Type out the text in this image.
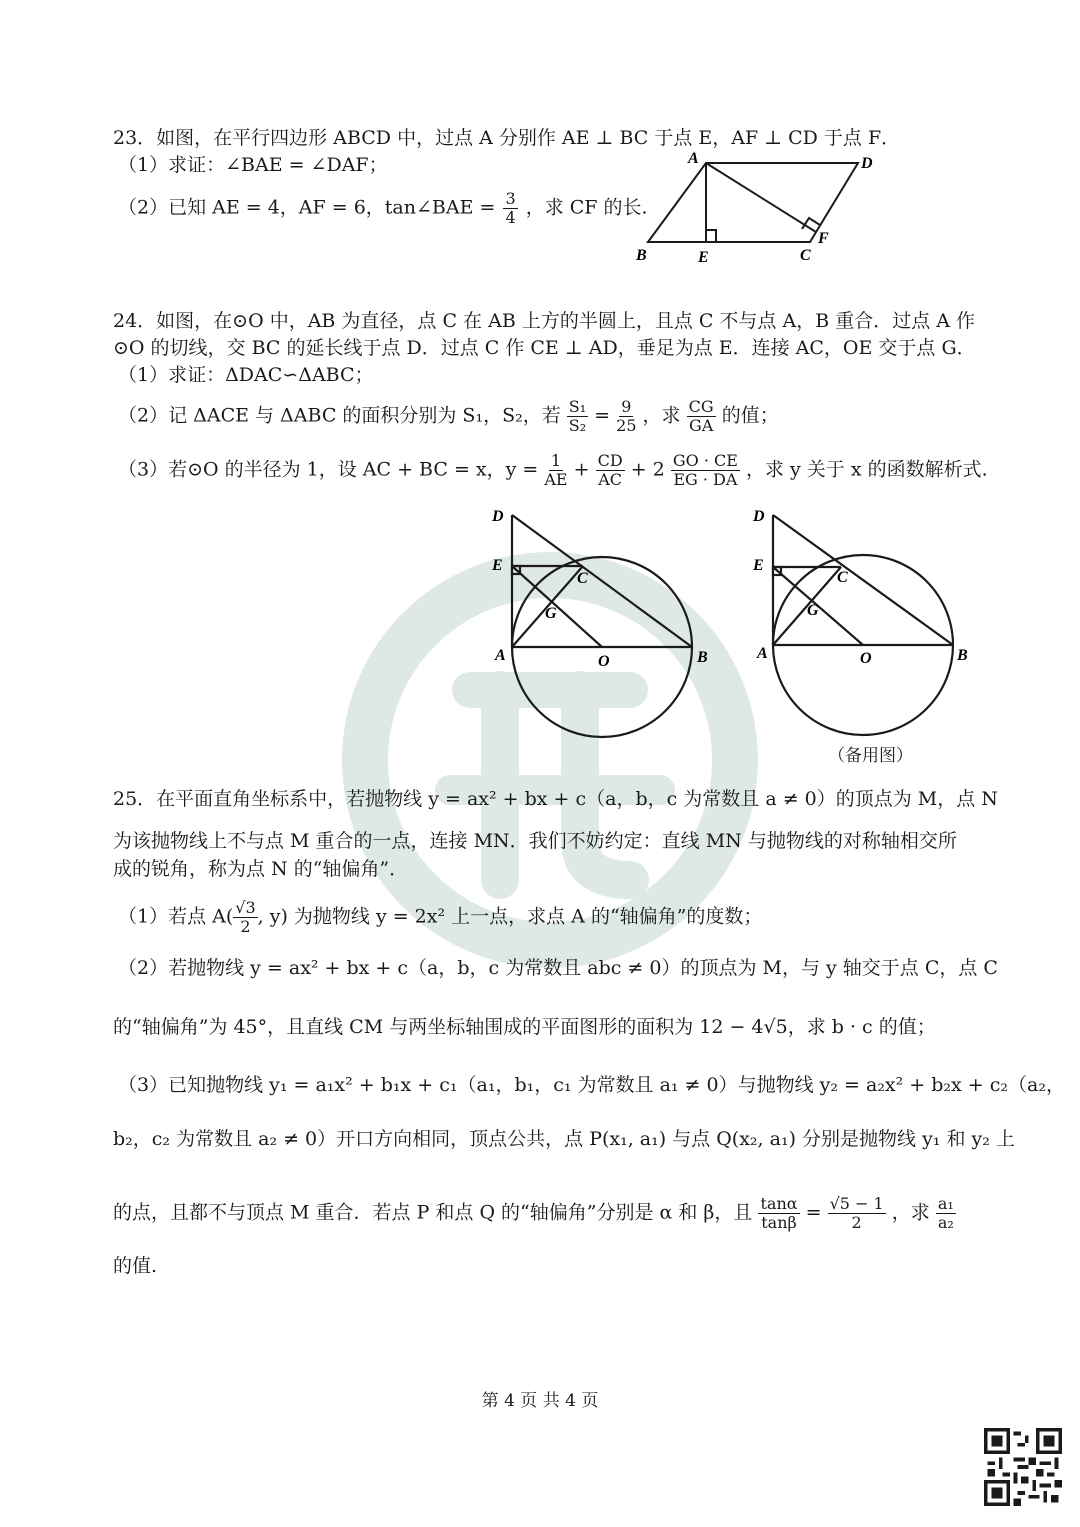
23．如图，在平行四边形 ABCD 中，过点 A 分别作 AE ⊥ BC 于点 E，AF ⊥ CD 于点 F．
（1）求证：∠BAE = ∠DAF；
（2）已知 AE = 4，AF = 6，tan∠BAE = $\frac{3}{4}$ ，求 CF 的长.
A	D
B	E	C
F
24．如图，在⊙O 中，AB 为直径，点 C 在 AB 上方的半圆上，且点 C 不与点 A，B 重合．过点 A 作
⊙O 的切线，交 BC 的延长线于点 D．过点 C 作 CE ⊥ AD，垂足为点 E．连接 AC，OE 交于点 G．
（1）求证：ΔDAC∽ΔABC；
（2）记 ΔACE 与 ΔABC 的面积分别为 S₁，S₂，若 $\frac{\text{S₁}}{\text{S₂}} = \frac{9}{25}$ ，求 $\frac{CG}{GA}$ 的值；
（3）若⊙O 的半径为 1，设 AC + BC = x，$y = \frac{1}{AE} + \frac{CD}{AC} + 2 \frac{GO \cdot CE}{EG \cdot DA}$ ，求 y 关于 x 的函数解析式.
D
E
C
G
A	O	B
D
E
C
G
A	O	B
（备用图）
25．在平面直角坐标系中，若抛物线 y = ax² + bx + c（a，b，c 为常数且 a ≠ 0）的顶点为 M，点 N
为该抛物线上不与点 M 重合的一点，连接 MN．我们不妨约定：直线 MN 与抛物线的对称轴相交所
成的锐角，称为点 N 的“轴偏角”．
（1）若点 $A( \frac{√3}{2}$ , y) 为抛物线 y = 2x² 上一点，求点 A 的“轴偏角”的度数；
（2）若抛物线 y = ax² + bx + c（a，b，c 为常数且 abc ≠ 0）的顶点为 M，与 y 轴交于点 C，点 C
的“轴偏角”为 45°，且直线 CM 与两坐标轴围成的平面图形的面积为 12 − 4√5，求 b · c 的值；
（3）已知抛物线 y₁ = a₁x² + b₁x + c₁（a₁，b₁，c₁ 为常数且 a₁ ≠ 0）与抛物线 y₂ = a₂x² + b₂x + c₂（a₂，
b₂，c₂ 为常数且 a₂ ≠ 0）开口方向相同，顶点公共，点 P(x₁, a₁) 与点 Q(x₂, a₁) 分别是抛物线 y₁ 和 y₂ 上
的点，且都不与顶点 M 重合．若点 P 和点 Q 的“轴偏角”分别是 α 和 β，且 $\frac{\tan\alpha}{\tan\beta} = \frac{√5 - 1}{2}$ ，求 $\frac{\text{a₁}}{\text{a₂}}$
的值.
第 4 页 共 4 页
